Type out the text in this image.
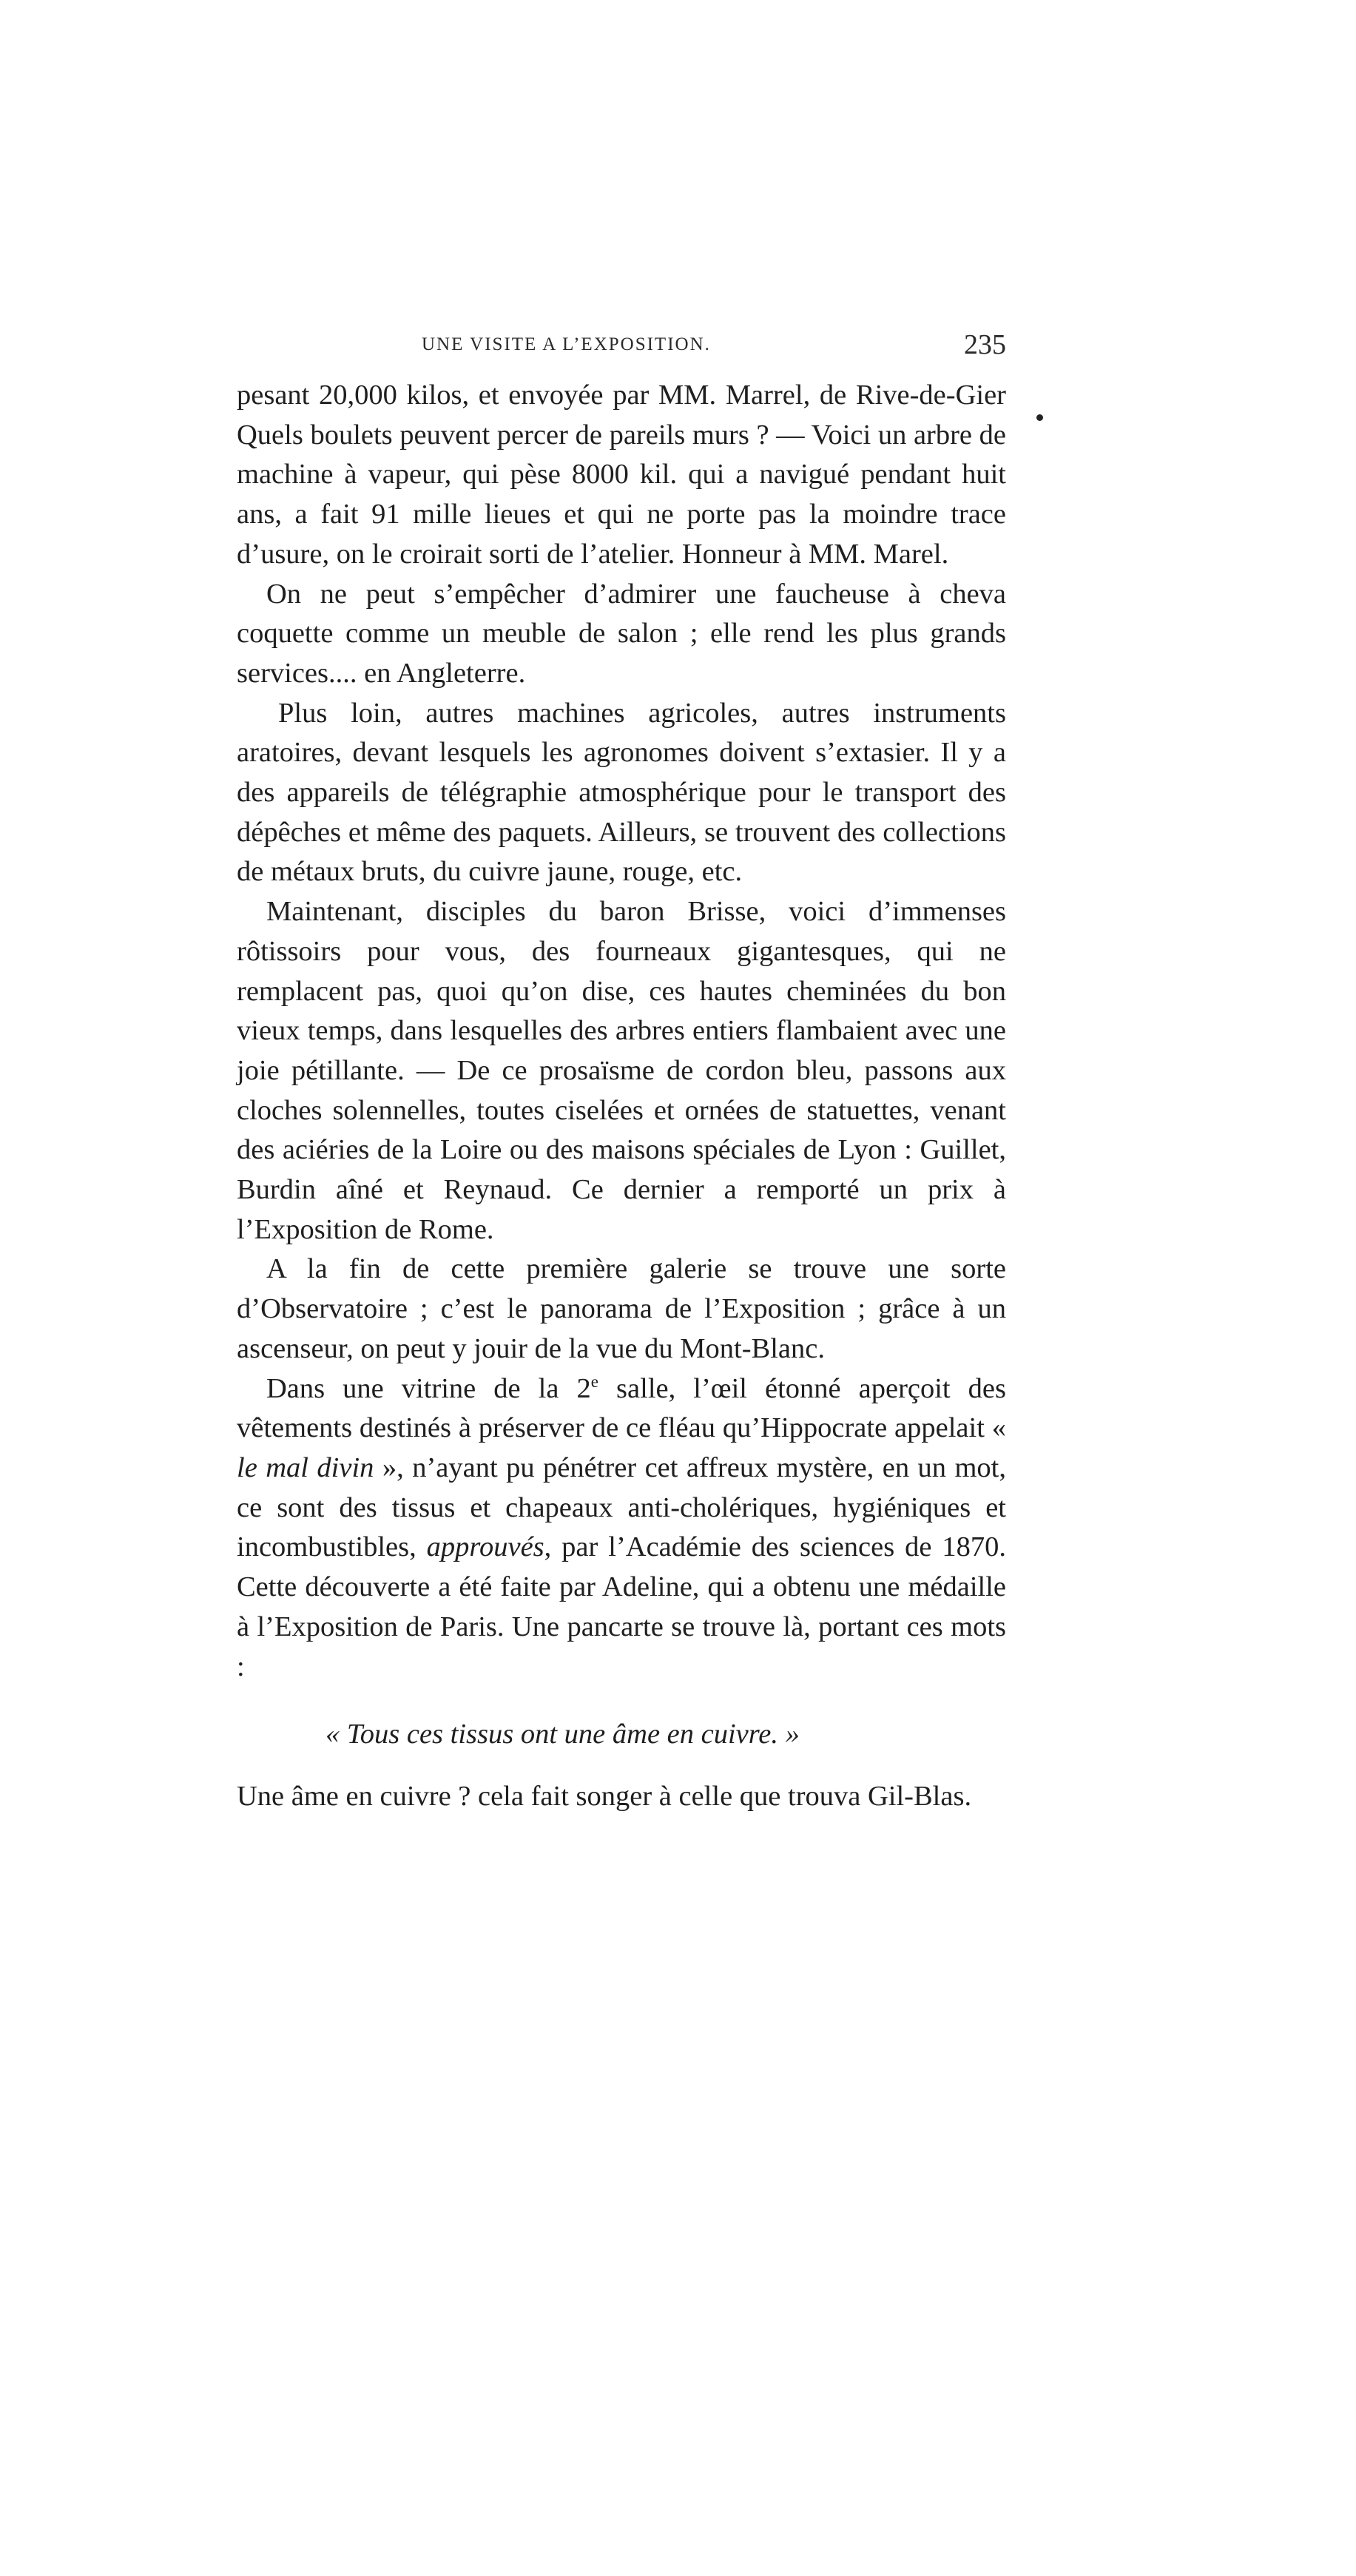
UNE VISITE A L’EXPOSITION.	235

pesant 20,000 kilos, et envoyée par MM. Marrel, de Rive-de-Gier Quels boulets peuvent percer de pareils murs ? — Voici un arbre de machine à vapeur, qui pèse 8000 kil. qui a navigué pendant huit ans, a fait 91 mille lieues et qui ne porte pas la moindre trace d’usure, on le croirait sorti de l’atelier. Honneur à MM. Marel.

On ne peut s’empêcher d’admirer une faucheuse à cheva coquette comme un meuble de salon ; elle rend les plus grands services.... en Angleterre.

Plus loin, autres machines agricoles, autres instruments aratoires, devant lesquels les agronomes doivent s’extasier. Il y a des appareils de télégraphie atmosphérique pour le transport des dépêches et même des paquets. Ailleurs, se trouvent des collections de métaux bruts, du cuivre jaune, rouge, etc.

Maintenant, disciples du baron Brisse, voici d’immenses rôtissoirs pour vous, des fourneaux gigantesques, qui ne remplacent pas, quoi qu’on dise, ces hautes cheminées du bon vieux temps, dans lesquelles des arbres entiers flambaient avec une joie pétillante. — De ce prosaïsme de cordon bleu, passons aux cloches solennelles, toutes ciselées et ornées de statuettes, venant des aciéries de la Loire ou des maisons spéciales de Lyon : Guillet, Burdin aîné et Reynaud. Ce dernier a remporté un prix à l’Exposition de Rome.

A la fin de cette première galerie se trouve une sorte d’Observatoire ; c’est le panorama de l’Exposition ; grâce à un ascenseur, on peut y jouir de la vue du Mont-Blanc.

Dans une vitrine de la 2e salle, l’œil étonné aperçoit des vêtements destinés à préserver de ce fléau qu’Hippocrate appelait « le mal divin », n’ayant pu pénétrer cet affreux mystère, en un mot, ce sont des tissus et chapeaux anti-cholériques, hygiéniques et incombustibles, approuvés, par l’Académie des sciences de 1870. Cette découverte a été faite par Adeline, qui a obtenu une médaille à l’Exposition de Paris. Une pancarte se trouve là, portant ces mots :

« Tous ces tissus ont une âme en cuivre. »

Une âme en cuivre ? cela fait songer à celle que trouva Gil-Blas.
